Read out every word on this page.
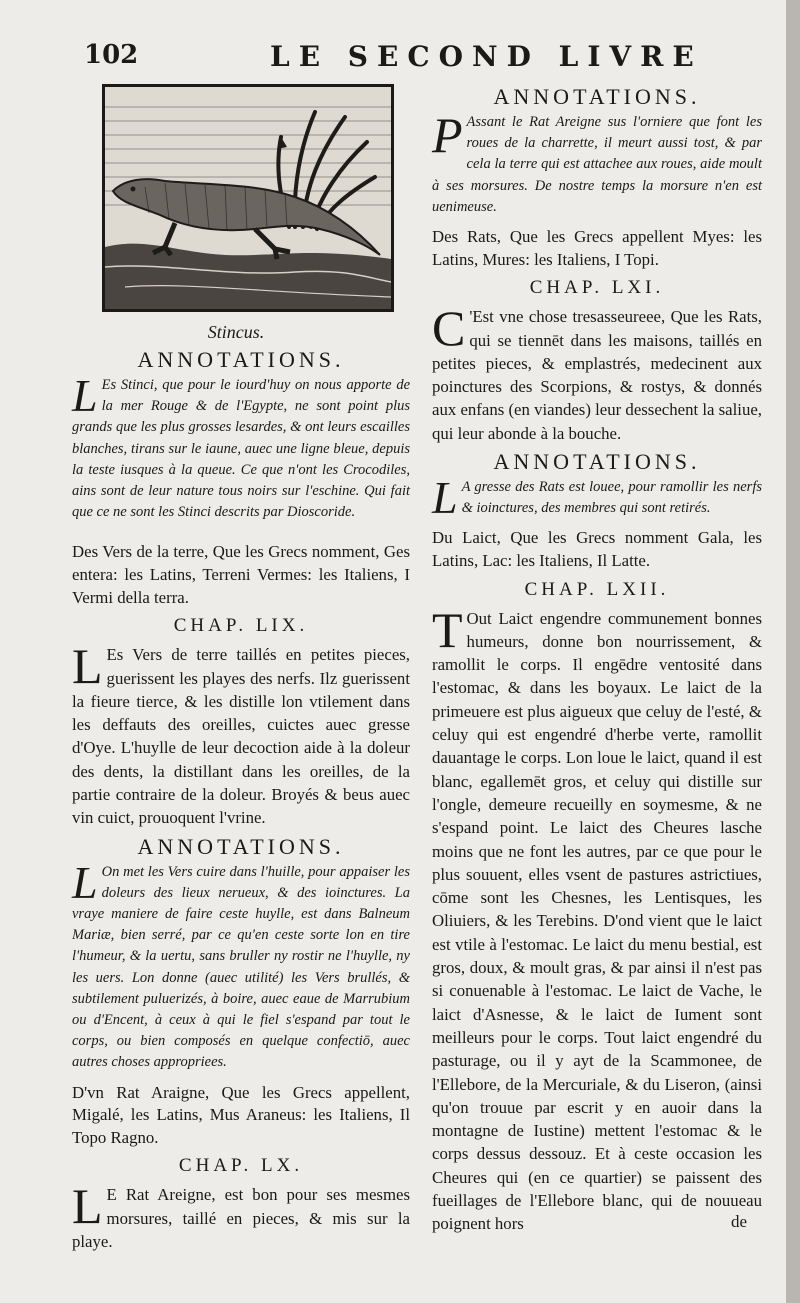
102	LE SECOND LIVRE
Stincus.
ANNOTATIONS.

L Es Stinci, que pour le iourd'huy on nous apporte de la mer Rouge & de l'Egypte, ne sont point plus grands que les plus grosses lesardes, & ont leurs escailles blanches, tirans sur le iaune, auec une ligne bleue, depuis la teste iusques à la queue. Ce que n'ont les Crocodiles, ains sont de leur nature tous noirs sur l'eschine. Qui fait que ce ne sont les Stinci descrits par Dioscoride.

Des Vers de la terre, Que les Grecs nomment, Ges entera: les Latins, Terreni Vermes: les Italiens, I Vermi della terra.

CHAP. LIX.

L Es Vers de terre taillés en petites pieces, guerissent les playes des nerfs. Ilz guerissent la fieure tierce, & les distille lon vtilement dans les deffauts des oreilles, cuictes auec gresse d'Oye. L'huylle de leur decoction aide à la doleur des dents, la distillant dans les oreilles, de la partie contraire de la doleur. Broyés & beus auec vin cuict, prouoquent l'vrine.

ANNOTATIONS.

L On met les Vers cuire dans l'huille, pour appaiser les doleurs des lieux nerueux, & des ioinctures. La vraye maniere de faire ceste huylle, est dans Balneum Mariæ, bien serré, par ce qu'en ceste sorte lon en tire l'humeur, & la uertu, sans bruller ny rostir ne l'huylle, ny les uers. Lon donne (auec utilité) les Vers brullés, & subtilement puluerizés, à boire, auec eaue de Marrubium ou d'Encent, à ceux à qui le fiel s'espand par tout le corps, ou bien composés en quelque confectiō, auec autres choses appropriees.

D'vn Rat Araigne, Que les Grecs appellent, Migalé, les Latins, Mus Araneus: les Italiens, Il Topo Ragno.

CHAP. LX.

L E Rat Areigne, est bon pour ses mesmes morsures, taillé en pieces, & mis sur la playe.

ANNOTATIONS.

P Assant le Rat Areigne sus l'orniere que font les roues de la charrette, il meurt aussi tost, & par cela la terre qui est attachee aux roues, aide moult à ses morsures. De nostre temps la morsure n'en est uenimeuse.

Des Rats, Que les Grecs appellent Myes: les Latins, Mures: les Italiens, I Topi.

CHAP. LXI.

C 'Est vne chose tresasseureee, Que les Rats, qui se tiennēt dans les maisons, taillés en petites pieces, & emplastrés, medecinent aux poinctures des Scorpions, & rostys, & donnés aux enfans (en viandes) leur dessechent la saliue, qui leur abonde à la bouche.

ANNOTATIONS.

L A gresse des Rats est louee, pour ramollir les nerfs & ioinctures, des membres qui sont retirés.

Du Laict, Que les Grecs nomment Gala, les Latins, Lac: les Italiens, Il Latte.

CHAP. LXII.

T Out Laict engendre communement bonnes humeurs, donne bon nourrissement, & ramollit le corps. Il engēdre ventosité dans l'estomac, & dans les boyaux. Le laict de la primeuere est plus aigueux que celuy de l'esté, & celuy qui est engendré d'herbe verte, ramollit dauantage le corps. Lon loue le laict, quand il est blanc, egallemēt gros, et celuy qui distille sur l'ongle, demeure recueilly en soymesme, & ne s'espand point. Le laict des Cheures lasche moins que ne font les autres, par ce que pour le plus souuent, elles vsent de pastures astrictiues, cōme sont les Chesnes, les Lentisques, les Oliuiers, & les Terebins. D'ond vient que le laict est vtile à l'estomac. Le laict du menu bestial, est gros, doux, & moult gras, & par ainsi il n'est pas si conuenable à l'estomac. Le laict de Vache, le laict d'Asnesse, & le laict de Iument sont meilleurs pour le corps. Tout laict engendré du pasturage, ou il y ayt de la Scammonee, de l'Ellebore, de la Mercuriale, & du Liseron, (ainsi qu'on trouue par escrit y en auoir dans la montagne de Iustine) mettent l'estomac & le corps dessus dessouz. Et à ceste occasion les Cheures qui (en ce quartier) se paissent des fueillages de l'Ellebore blanc, qui de nouueau poignent hors	de
